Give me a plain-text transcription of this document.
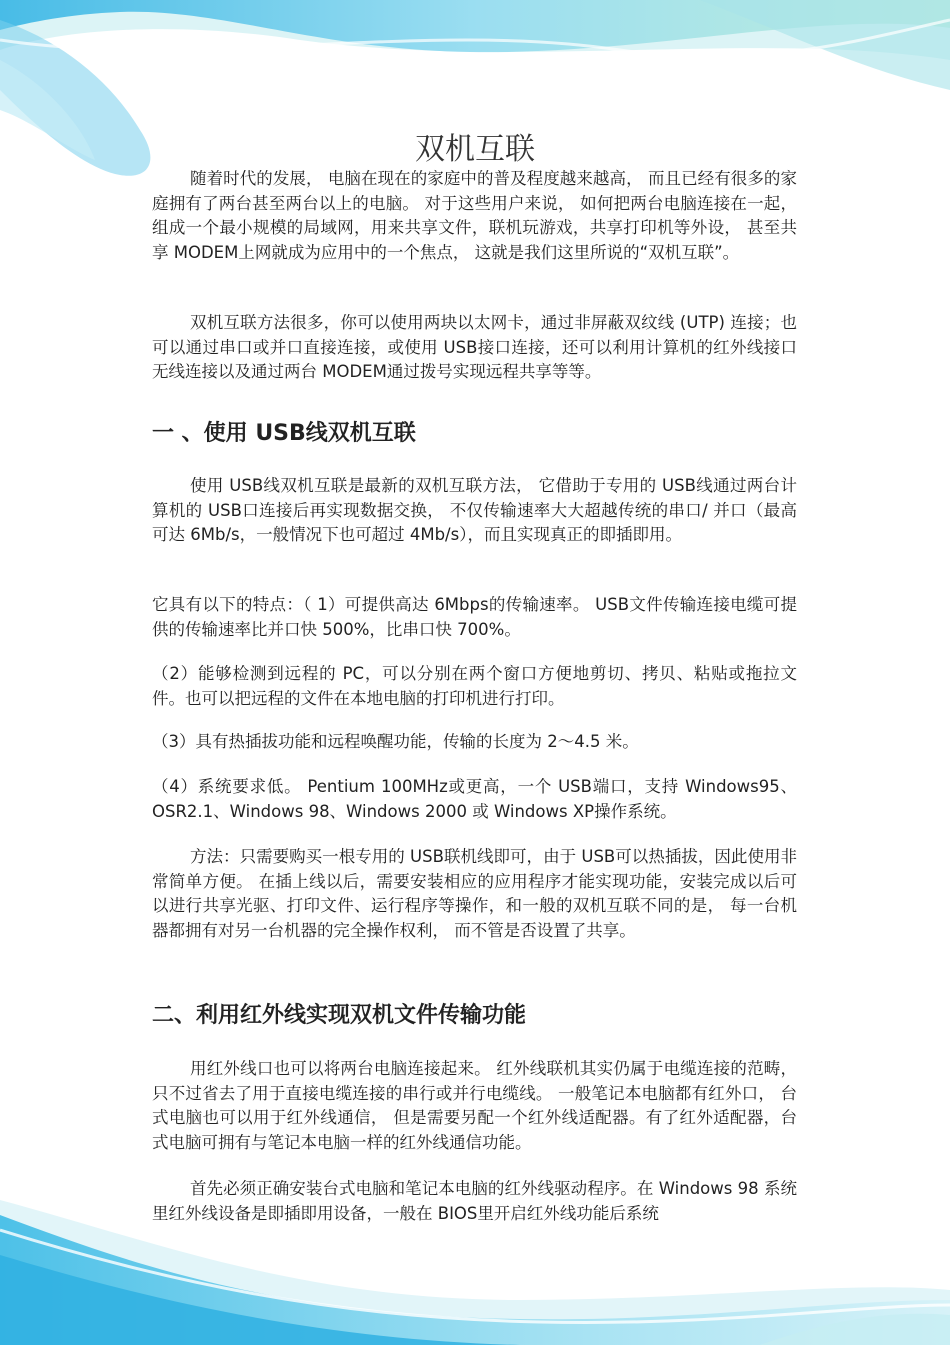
双机互联

随着时代的发展， 电脑在现在的家庭中的普及程度越来越高， 而且已经有很多的家庭拥有了两台甚至两台以上的电脑。 对于这些用户来说， 如何把两台电脑连接在一起，组成一个最小规模的局域网，用来共享文件，联机玩游戏，共享打印机等外设， 甚至共享 MODEM上网就成为应用中的一个焦点， 这就是我们这里所说的“双机互联”。

双机互联方法很多，你可以使用两块以太网卡，通过非屏蔽双纹线 (UTP) 连接；也可以通过串口或并口直接连接，或使用 USB接口连接，还可以利用计算机的红外线接口无线连接以及通过两台 MODEM通过拨号实现远程共享等等。

一 、使用 USB线双机互联

使用 USB线双机互联是最新的双机互联方法， 它借助于专用的 USB线通过两台计算机的 USB口连接后再实现数据交换， 不仅传输速率大大超越传统的串口/ 并口（最高可达 6Mb/s，一般情况下也可超过 4Mb/s），而且实现真正的即插即用。

它具有以下的特点：（ 1）可提供高达 6Mbps的传输速率。 USB文件传输连接电缆可提供的传输速率比并口快 500%，比串口快 700%。

（2）能够检测到远程的 PC，可以分别在两个窗口方便地剪切、拷贝、粘贴或拖拉文件。也可以把远程的文件在本地电脑的打印机进行打印。

（3）具有热插拔功能和远程唤醒功能，传输的长度为 2～4.5 米。

（4）系统要求低。 Pentium 100MHz或更高，一个 USB端口，支持 Windows95、OSR2.1、Windows 98、Windows 2000 或 Windows XP操作系统。

方法：只需要购买一根专用的 USB联机线即可，由于 USB可以热插拔，因此使用非常简单方便。 在插上线以后，需要安装相应的应用程序才能实现功能，安装完成以后可以进行共享光驱、打印文件、运行程序等操作，和一般的双机互联不同的是， 每一台机器都拥有对另一台机器的完全操作权利， 而不管是否设置了共享。

二、利用红外线实现双机文件传输功能

用红外线口也可以将两台电脑连接起来。 红外线联机其实仍属于电缆连接的范畴，只不过省去了用于直接电缆连接的串行或并行电缆线。 一般笔记本电脑都有红外口， 台式电脑也可以用于红外线通信， 但是需要另配一个红外线适配器。有了红外适配器，台式电脑可拥有与笔记本电脑一样的红外线通信功能。

首先必须正确安装台式电脑和笔记本电脑的红外线驱动程序。在 Windows 98 系统里红外线设备是即插即用设备，一般在 BIOS里开启红外线功能后系统
